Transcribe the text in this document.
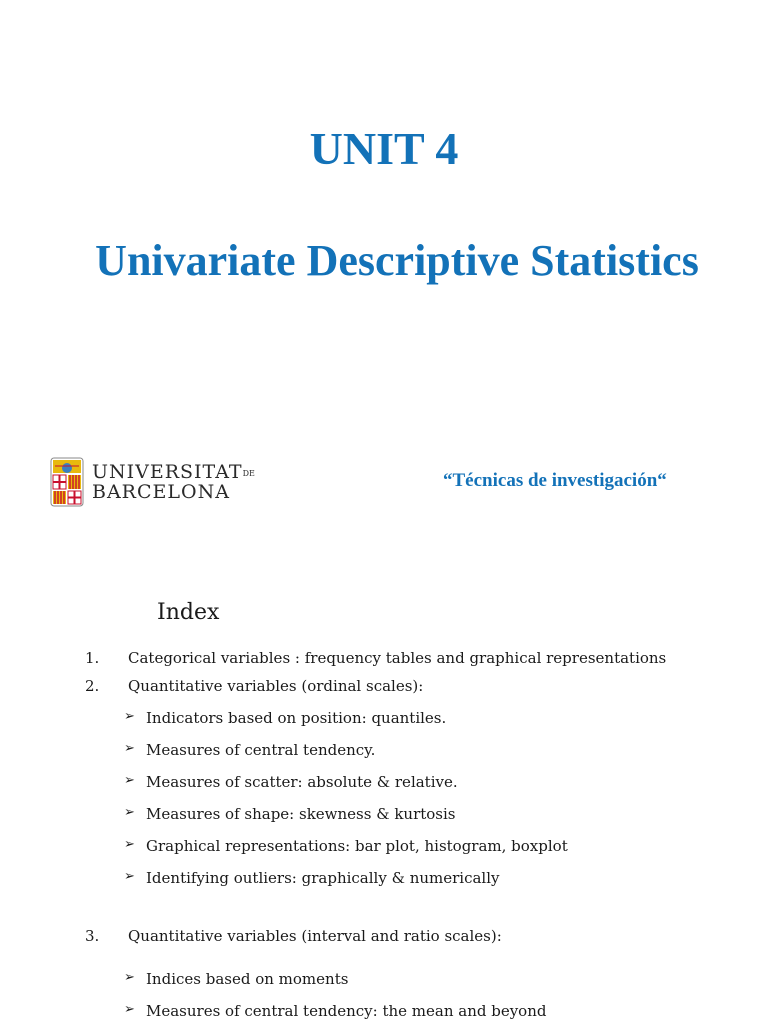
UNIT 4
Univariate Descriptive Statistics
UNIVERSITATDE
BARCELONA
“Técnicas de investigación“
Index
1. Categorical variables : frequency tables and graphical representations
2. Quantitative variables (ordinal scales):
➢ Indicators based on position: quantiles.
➢ Measures of central tendency.
➢ Measures of scatter: absolute & relative.
➢ Measures of shape: skewness & kurtosis
➢ Graphical representations: bar plot, histogram, boxplot
➢ Identifying outliers: graphically & numerically
3. Quantitative variables (interval and ratio scales):
➢ Indices based on moments
➢ Measures of central tendency: the mean and beyond
